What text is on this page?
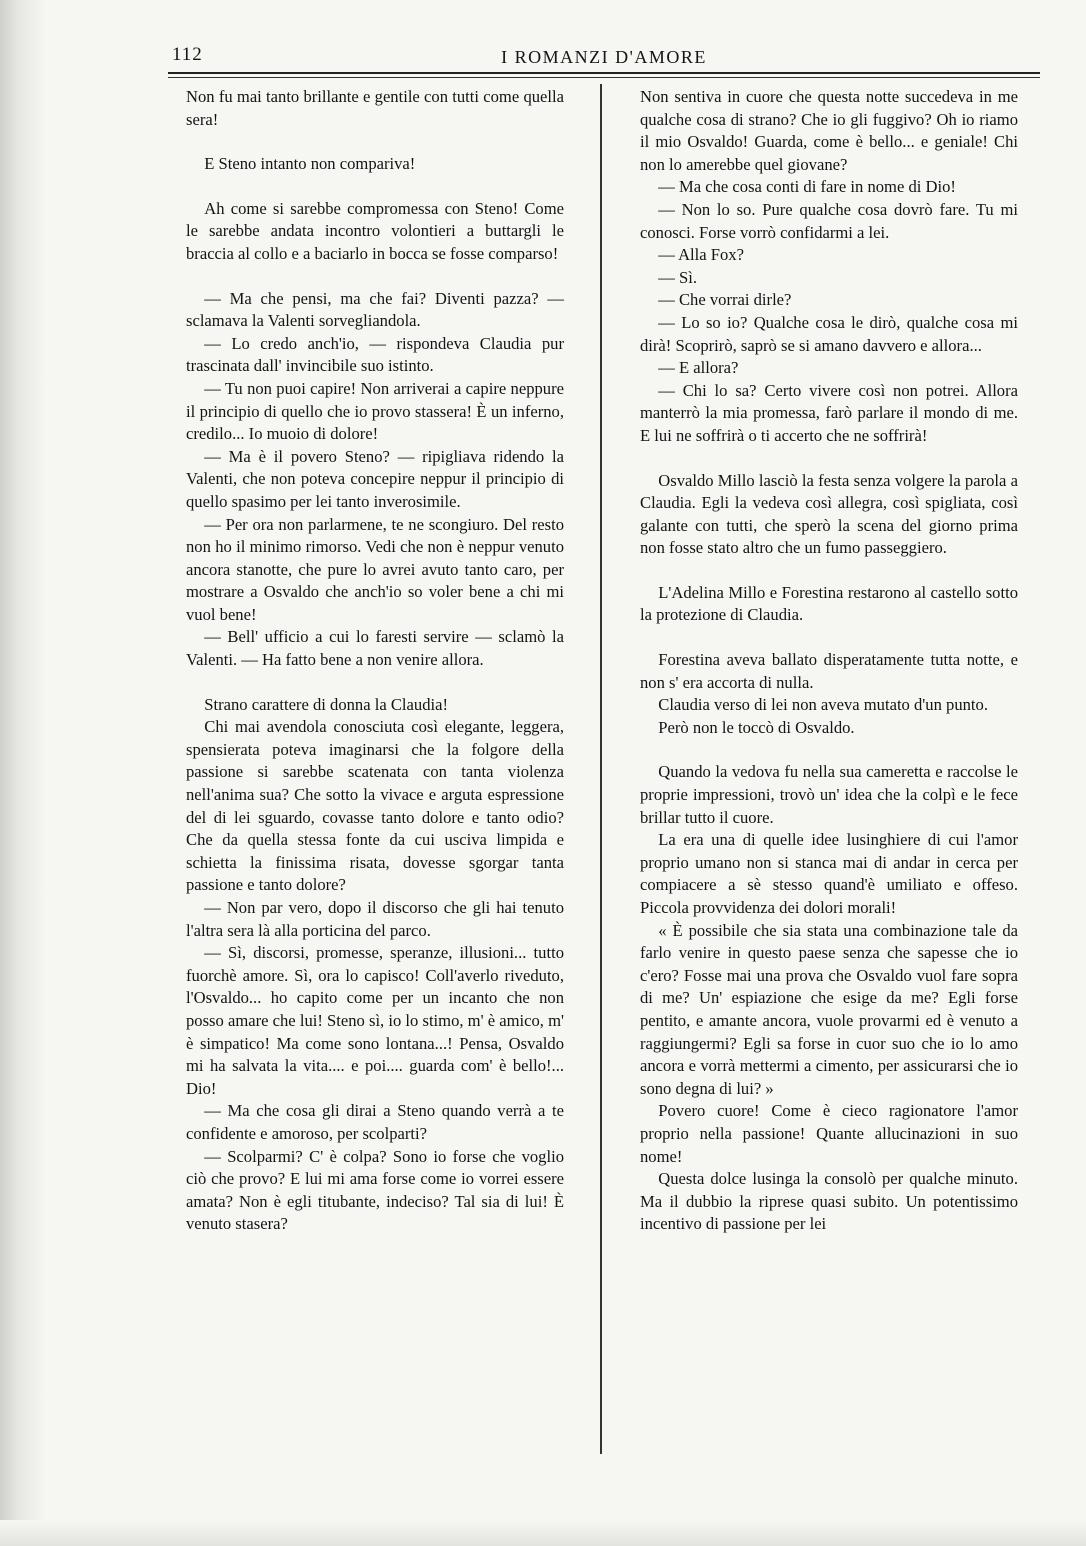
112	I ROMANZI D'AMORE

Non fu mai tanto brillante e gentile con tutti come quella sera!

E Steno intanto non compariva!

Ah come si sarebbe compromessa con Steno! Come le sarebbe andata incontro volontieri a buttargli le braccia al collo e a baciarlo in bocca se fosse comparso!

— Ma che pensi, ma che fai? Diventi pazza? — sclamava la Valenti sorvegliandola.

— Lo credo anch'io, — rispondeva Claudia pur trascinata dall' invincibile suo istinto.

— Tu non puoi capire! Non arriverai a capire neppure il principio di quello che io provo stassera! È un inferno, credilo... Io muoio di dolore!

— Ma è il povero Steno? — ripigliava ridendo la Valenti, che non poteva concepire neppur il principio di quello spasimo per lei tanto inverosimile.

— Per ora non parlarmene, te ne scongiuro. Del resto non ho il minimo rimorso. Vedi che non è neppur venuto ancora stanotte, che pure lo avrei avuto tanto caro, per mostrare a Osvaldo che anch'io so voler bene a chi mi vuol bene!

— Bell' ufficio a cui lo faresti servire — sclamò la Valenti. — Ha fatto bene a non venire allora.

Strano carattere di donna la Claudia!

Chi mai avendola conosciuta così elegante, leggera, spensierata poteva imaginarsi che la folgore della passione si sarebbe scatenata con tanta violenza nell'anima sua? Che sotto la vivace e arguta espressione del di lei sguardo, covasse tanto dolore e tanto odio? Che da quella stessa fonte da cui usciva limpida e schietta la finissima risata, dovesse sgorgar tanta passione e tanto dolore?

— Non par vero, dopo il discorso che gli hai tenuto l'altra sera là alla porticina del parco.

— Sì, discorsi, promesse, speranze, illusioni... tutto fuorchè amore. Sì, ora lo capisco! Coll'averlo riveduto, l'Osvaldo... ho capito come per un incanto che non posso amare che lui! Steno sì, io lo stimo, m' è amico, m' è simpatico! Ma come sono lontana...! Pensa, Osvaldo mi ha salvata la vita.... e poi.... guarda com' è bello!... Dio!

— Ma che cosa gli dirai a Steno quando verrà a te confidente e amoroso, per scolparti?

— Scolparmi? C' è colpa? Sono io forse che voglio ciò che provo? E lui mi ama forse come io vorrei essere amata? Non è egli titubante, indeciso? Tal sia di lui! È venuto stasera?

Non sentiva in cuore che questa notte succedeva in me qualche cosa di strano? Che io gli fuggivo? Oh io riamo il mio Osvaldo! Guarda, come è bello... e geniale! Chi non lo amerebbe quel giovane?

— Ma che cosa conti di fare in nome di Dio!

— Non lo so. Pure qualche cosa dovrò fare. Tu mi conosci. Forse vorrò confidarmi a lei.

— Alla Fox?

— Sì.

— Che vorrai dirle?

— Lo so io? Qualche cosa le dirò, qualche cosa mi dirà! Scoprirò, saprò se si amano davvero e allora...

— E allora?

— Chi lo sa? Certo vivere così non potrei. Allora manterrò la mia promessa, farò parlare il mondo di me. E lui ne soffrirà o ti accerto che ne soffrirà!

Osvaldo Millo lasciò la festa senza volgere la parola a Claudia. Egli la vedeva così allegra, così spigliata, così galante con tutti, che sperò la scena del giorno prima non fosse stato altro che un fumo passeggiero.

L'Adelina Millo e Forestina restarono al castello sotto la protezione di Claudia.

Forestina aveva ballato disperatamente tutta notte, e non s' era accorta di nulla.

Claudia verso di lei non aveva mutato d'un punto.

Però non le toccò di Osvaldo.

Quando la vedova fu nella sua cameretta e raccolse le proprie impressioni, trovò un' idea che la colpì e le fece brillar tutto il cuore.

La era una di quelle idee lusinghiere di cui l'amor proprio umano non si stanca mai di andar in cerca per compiacere a sè stesso quand'è umiliato e offeso. Piccola provvidenza dei dolori morali!

« È possibile che sia stata una combinazione tale da farlo venire in questo paese senza che sapesse che io c'ero? Fosse mai una prova che Osvaldo vuol fare sopra di me? Un' espiazione che esige da me? Egli forse pentito, e amante ancora, vuole provarmi ed è venuto a raggiungermi? Egli sa forse in cuor suo che io lo amo ancora e vorrà mettermi a cimento, per assicurarsi che io sono degna di lui? »

Povero cuore! Come è cieco ragionatore l'amor proprio nella passione! Quante allucinazioni in suo nome!

Questa dolce lusinga la consolò per qualche minuto. Ma il dubbio la riprese quasi subito. Un potentissimo incentivo di passione per lei
